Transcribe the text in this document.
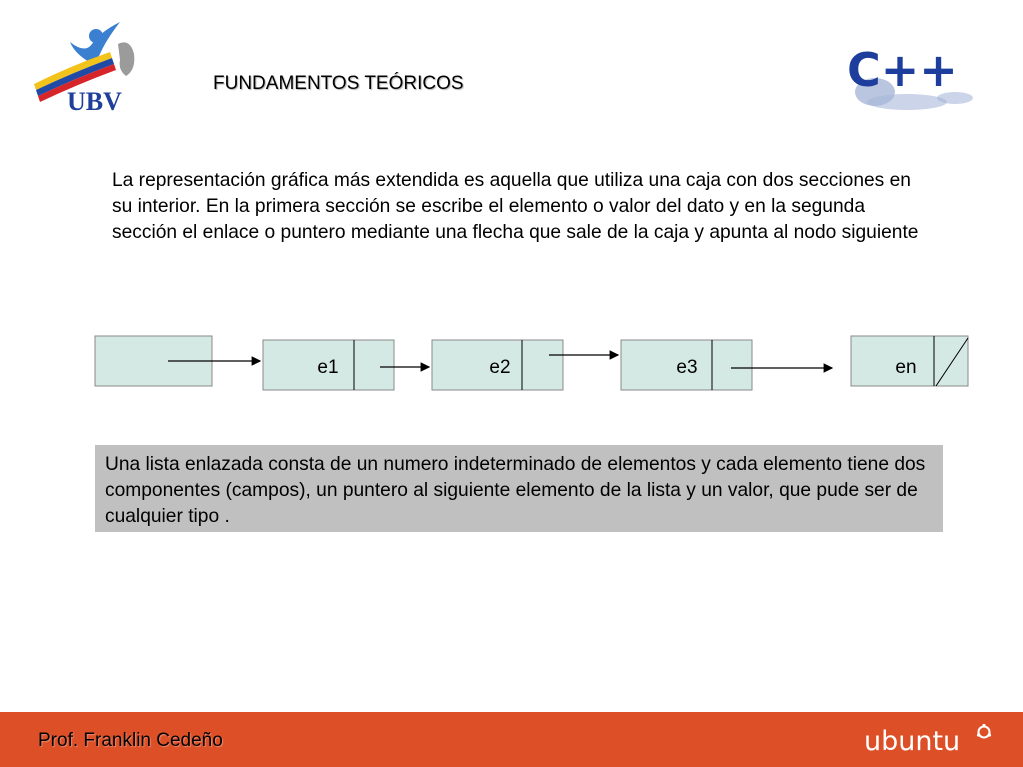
UBV
FUNDAMENTOS TEÓRICOS	C++
La representación gráfica más extendida es aquella que utiliza una caja con dos secciones en su interior. En la primera sección se escribe el elemento o valor del dato y en la segunda sección el enlace o puntero mediante una flecha que sale de la caja y apunta al nodo siguiente
e1	e2	e3	en
Una lista enlazada consta de un numero indeterminado de elementos y cada elemento tiene dos componentes (campos), un puntero al siguiente elemento de la lista y un valor, que pude ser de cualquier tipo .
Prof. Franklin Cedeño	ubuntu
